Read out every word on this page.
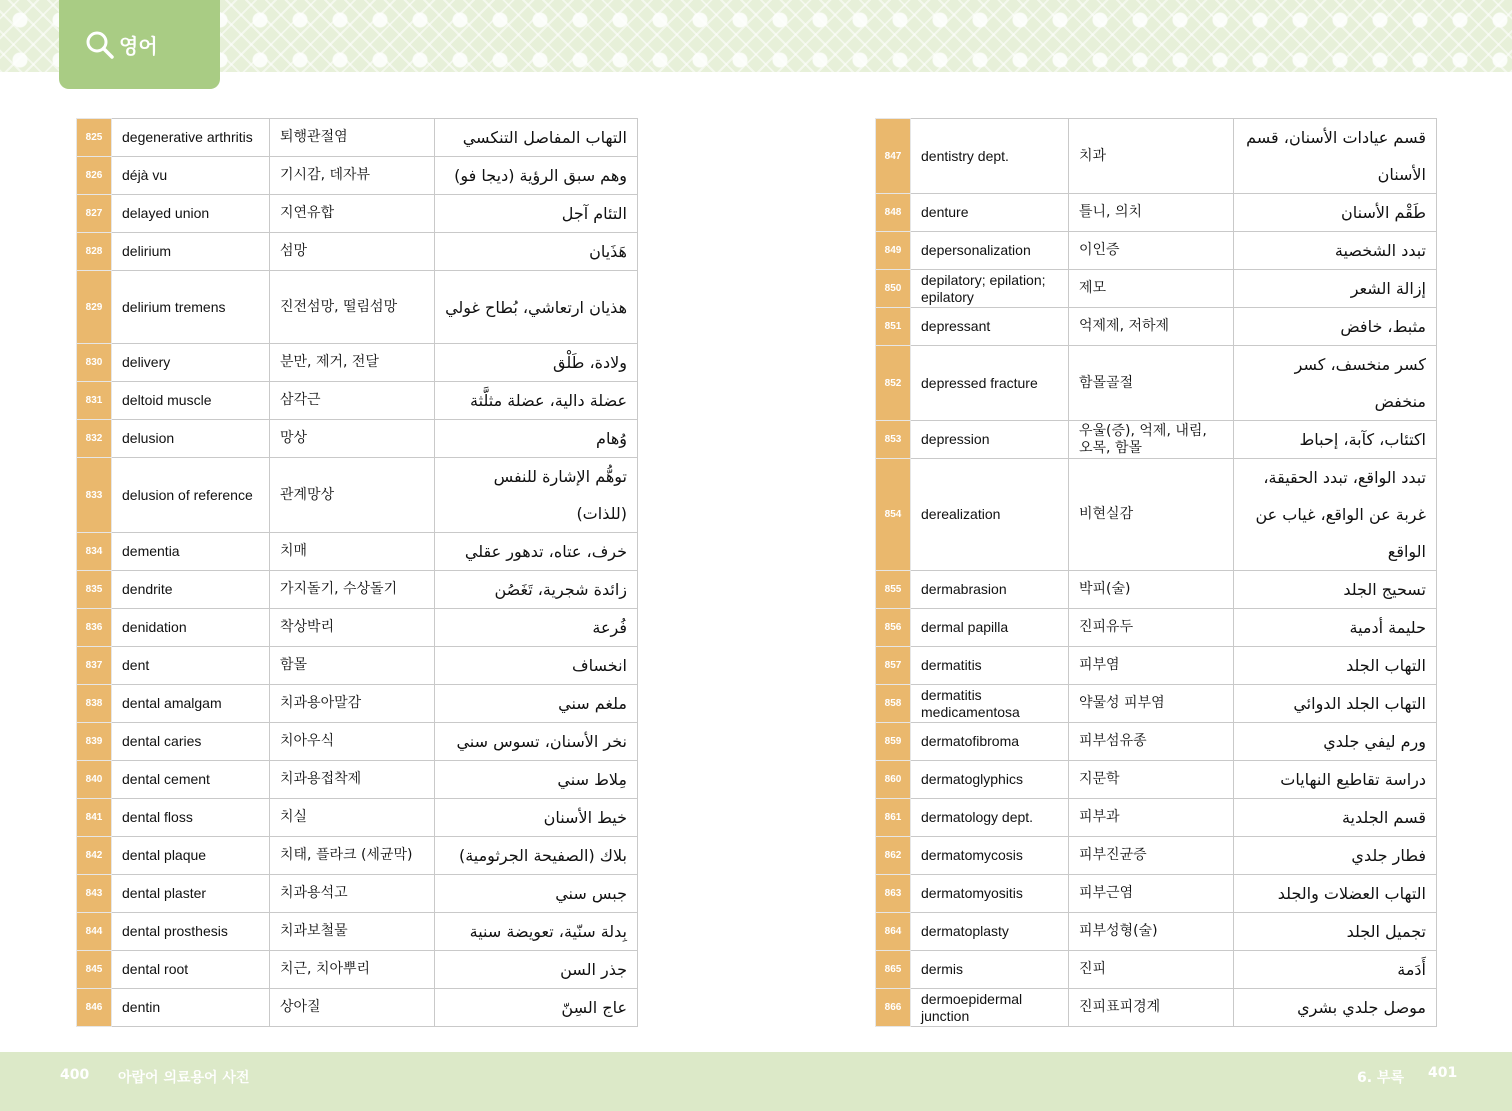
영어
825	degenerative arthritis	퇴행관절염	التهاب المفاصل التنكسي
826	déjà vu	기시감, 데자뷰	وهم سبق الرؤية (ديجا فو)
827	delayed union	지연유합	التئام آجل
828	delirium	섬망	هَذَيان
829	delirium tremens	진전섬망, 떨림섬망	هذيان ارتعاشي، بُطاح غولي
830	delivery	분만, 제거, 전달	ولادة، طَلْق
831	deltoid muscle	삼각근	عضلة دالية، عضلة مثلَّثة
832	delusion	망상	وُهام
833	delusion of reference	관계망상	توهُّم الإشارة للنفس (للذات)
834	dementia	치매	خرف، عتاه، تدهور عقلي
835	dendrite	가지돌기, 수상돌기	زائدة شجرية، تَغَصُن
836	denidation	착상박리	فُرعة
837	dent	함몰	انخساف
838	dental amalgam	치과용아말감	ملغم سني
839	dental caries	치아우식	نخر الأسنان، تسوس سني
840	dental cement	치과용접착제	مِلاط سني
841	dental floss	치실	خيط الأسنان
842	dental plaque	치태, 플라크 (세균막)	بلاك (الصفيحة الجرثومية)
843	dental plaster	치과용석고	جبس سني
844	dental prosthesis	치과보철물	بِدلة سنّية، تعويضة سنية
845	dental root	치근, 치아뿌리	جذر السن
846	dentin	상아질	عاج السِنّ
847	dentistry dept.	치과	قسم عيادات الأسنان، قسم الأسنان
848	denture	틀니, 의치	طَقْم الأسنان
849	depersonalization	이인증	تبدد الشخصية
850	depilatory; epilation; epilatory	제모	إزالة الشعر
851	depressant	억제제, 저하제	مثبط، خافض
852	depressed fracture	함몰골절	كسر منخسف، كسر منخفض
853	depression	우울(증), 억제, 내림, 오목, 함몰	اكتئاب، كآبة، إحباط
854	derealization	비현실감	تبدد الواقع، تبدد الحقيقة، غربة عن الواقع، غياب عن الواقع
855	dermabrasion	박피(술)	تسحيج الجلد
856	dermal papilla	진피유두	حليمة أدمية
857	dermatitis	피부염	التهاب الجلد
858	dermatitis medicamentosa	약물성 피부염	التهاب الجلد الدوائي
859	dermatofibroma	피부섬유종	ورم ليفي جلدي
860	dermatoglyphics	지문학	دراسة تقاطيع النهايات
861	dermatology dept.	피부과	قسم الجلدية
862	dermatomycosis	피부진균증	فطار جلدي
863	dermatomyositis	피부근염	التهاب العضلات والجلد
864	dermatoplasty	피부성형(술)	تجميل الجلد
865	dermis	진피	أَدَمة
866	dermoepidermal junction	진피표피경계	موصل جلدي بشري
400 아랍어 의료용어 사전	6. 부록 401
